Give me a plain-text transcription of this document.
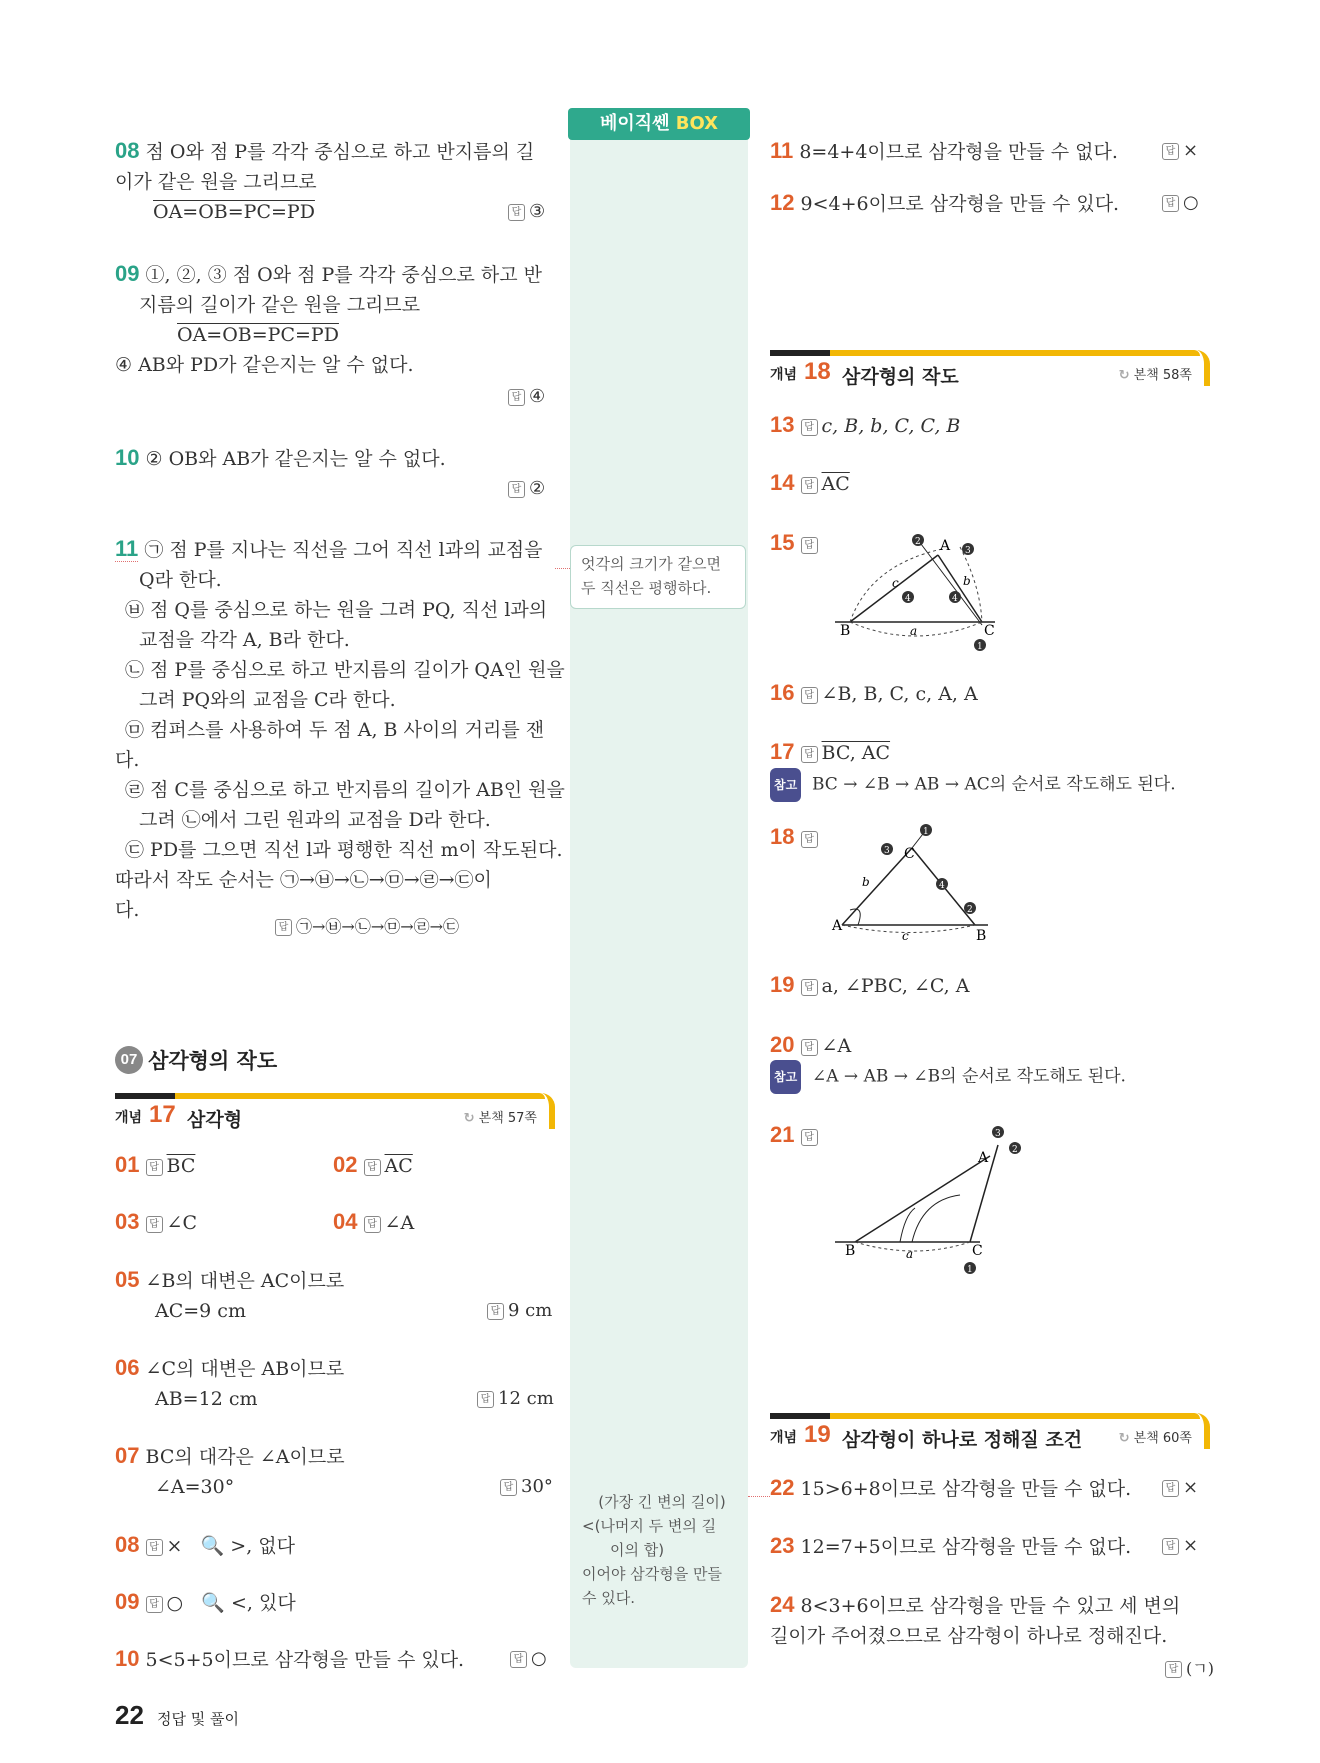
베이직쎈 BOX
엇각의 크기가 같으면 두 직선은 평행하다.
(가장 긴 변의 길이)
<(나머지 두 변의 길
이의 합)
이어야 삼각형을 만들
수 있다.
08 점 O와 점 P를 각각 중심으로 하고 반지름의 길
이가 같은 원을 그리므로
OA=OB=PC=PD	답 ③
09 ①, ②, ③ 점 O와 점 P를 각각 중심으로 하고 반
지름의 길이가 같은 원을 그리므로
OA=OB=PC=PD
④ AB와 PD가 같은지는 알 수 없다.
답 ④
10 ② OB와 AB가 같은지는 알 수 없다.
답 ②
11 ㉠ 점 P를 지나는 직선을 그어 직선 l과의 교점을
Q라 한다.
㉥ 점 Q를 중심으로 하는 원을 그려 PQ, 직선 l과의
교점을 각각 A, B라 한다.
㉡ 점 P를 중심으로 하고 반지름의 길이가 QA인 원을
그려 PQ와의 교점을 C라 한다.
㉤ 컴퍼스를 사용하여 두 점 A, B 사이의 거리를 잰다.
㉣ 점 C를 중심으로 하고 반지름의 길이가 AB인 원을
그려 ㉡에서 그린 원과의 교점을 D라 한다.
㉢ PD를 그으면 직선 l과 평행한 직선 m이 작도된다.
따라서 작도 순서는 ㉠→㉥→㉡→㉤→㉣→㉢이
다.
답 ㉠→㉥→㉡→㉤→㉣→㉢
07 삼각형의 작도
개념 17 삼각형	↻ 본책 57쪽
01 답 $\overline{BC}$	02 답 $\overline{AC}$
03 답 ∠C	04 답 ∠A
05 ∠B의 대변은 AC이므로
AC=9 cm	답 9 cm
06 ∠C의 대변은 AB이므로
AB=12 cm	답 12 cm
07 BC의 대각은 ∠A이므로
∠A=30°	답 30°
08 답 × 🔍 >, 없다
09 답 ○ 🔍 <, 있다
10 5<5+5이므로 삼각형을 만들 수 있다.	답 ○
22 정답 및 풀이
11 8=4+4이므로 삼각형을 만들 수 없다.	답 ×
12 9<4+6이므로 삼각형을 만들 수 있다.	답 ○
개념 18 삼각형의 작도	↻ 본책 58쪽
13 답 c, B, b, C, C, B
14 답 $\overline{AC}$
15 답	2
3
4	4
1
A
B	C
c	b
a
16 답 ∠B, B, C, c, A, A
17 답 BC, AC
참고 BC → ∠B → AB → AC의 순서로 작도해도 된다.
18 답
1
3
4
2
C
A
B
b
c
19 답 a, ∠PBC, ∠C, A
20 답 ∠A
참고 ∠A → AB → ∠B의 순서로 작도해도 된다.
21 답	3
2
1
A
B	C
a
개념 19 삼각형이 하나로 정해질 조건	↻ 본책 60쪽
22 15>6+8이므로 삼각형을 만들 수 없다.	답 ×
23 12=7+5이므로 삼각형을 만들 수 없다.	답 ×
24 8<3+6이므로 삼각형을 만들 수 있고 세 변의
길이가 주어졌으므로 삼각형이 하나로 정해진다.
답 (ㄱ)
